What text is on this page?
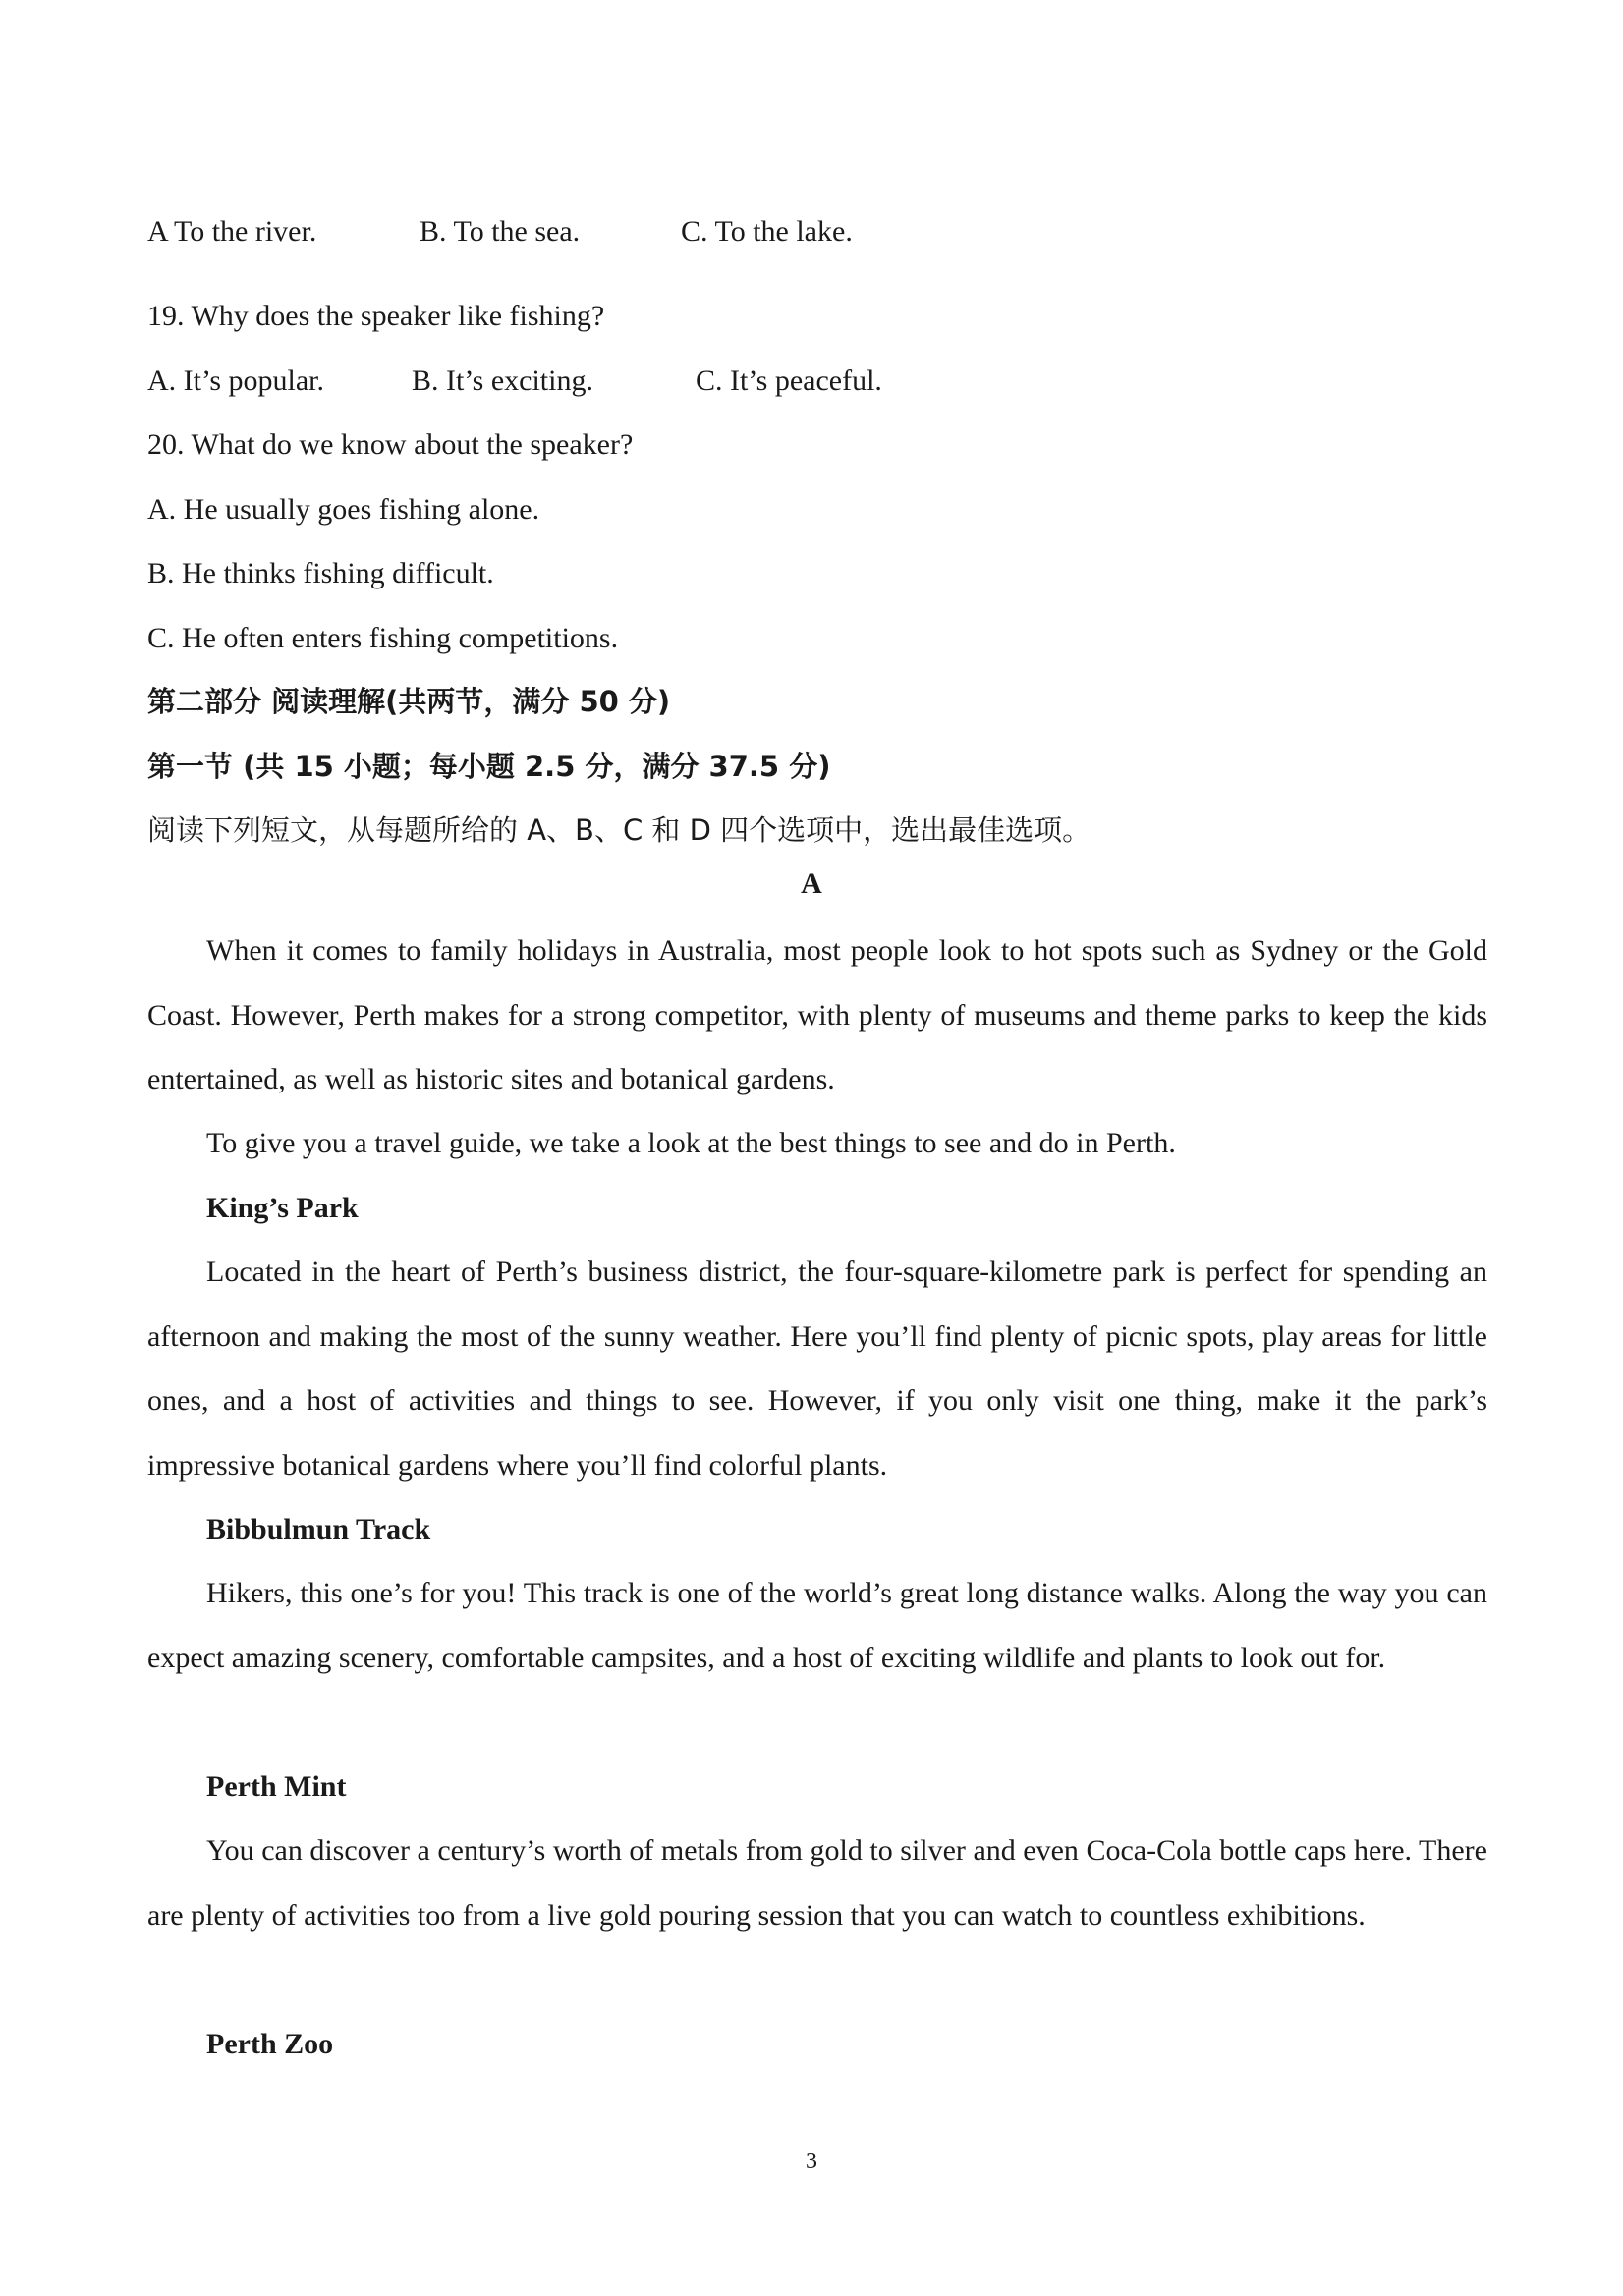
A To the river.	B. To the sea.	C. To the lake.
19. Why does the speaker like fishing?
A. It’s popular.	B. It’s exciting.	C. It’s peaceful.
20. What do we know about the speaker?
A. He usually goes fishing alone.
B. He thinks fishing difficult.
C. He often enters fishing competitions.
第二部分 阅读理解(共两节，满分 50 分)
第一节 (共 15 小题；每小题 2.5 分，满分 37.5 分)
阅读下列短文，从每题所给的 A、B、C 和 D 四个选项中，选出最佳选项。
A
When it comes to family holidays in Australia, most people look to hot spots such as Sydney or the Gold Coast. However, Perth makes for a strong competitor, with plenty of museums and theme parks to keep the kids entertained, as well as historic sites and botanical gardens.
To give you a travel guide, we take a look at the best things to see and do in Perth.
King’s Park
Located in the heart of Perth’s business district, the four-square-kilometre park is perfect for spending an afternoon and making the most of the sunny weather. Here you’ll find plenty of picnic spots, play areas for little ones, and a host of activities and things to see. However, if you only visit one thing, make it the park’s impressive botanical gardens where you’ll find colorful plants.
Bibbulmun Track
Hikers, this one’s for you! This track is one of the world’s great long distance walks. Along the way you can expect amazing scenery, comfortable campsites, and a host of exciting wildlife and plants to look out for.
Perth Mint
You can discover a century’s worth of metals from gold to silver and even Coca-Cola bottle caps here. There are plenty of activities too from a live gold pouring session that you can watch to countless exhibitions.
Perth Zoo
3
